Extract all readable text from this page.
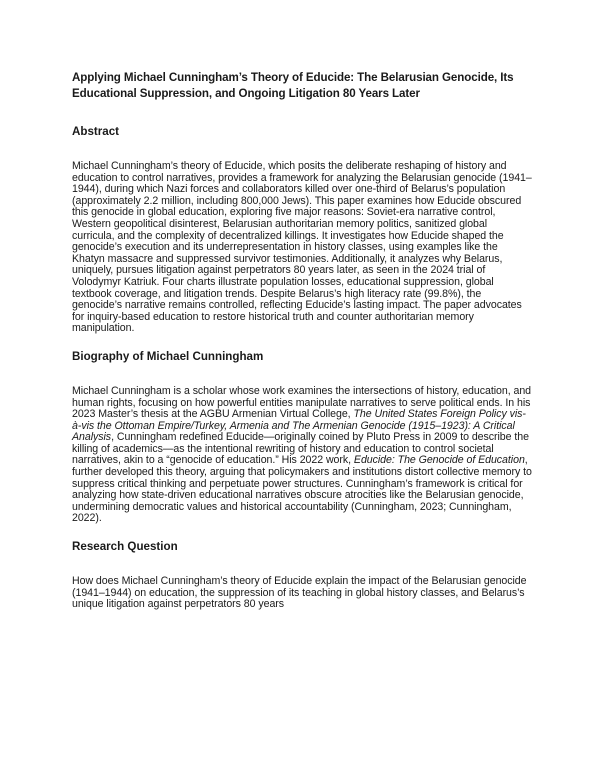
Applying Michael Cunningham’s Theory of Educide: The Belarusian Genocide, Its Educational Suppression, and Ongoing Litigation 80 Years Later
Abstract

Michael Cunningham’s theory of Educide, which posits the deliberate reshaping of history and education to control narratives, provides a framework for analyzing the Belarusian genocide (1941–1944), during which Nazi forces and collaborators killed over one-third of Belarus’s population (approximately 2.2 million, including 800,000 Jews). This paper examines how Educide obscured this genocide in global education, exploring five major reasons: Soviet-era narrative control, Western geopolitical disinterest, Belarusian authoritarian memory politics, sanitized global curricula, and the complexity of decentralized killings. It investigates how Educide shaped the genocide’s execution and its underrepresentation in history classes, using examples like the Khatyn massacre and suppressed survivor testimonies. Additionally, it analyzes why Belarus, uniquely, pursues litigation against perpetrators 80 years later, as seen in the 2024 trial of Volodymyr Katriuk. Four charts illustrate population losses, educational suppression, global textbook coverage, and litigation trends. Despite Belarus’s high literacy rate (99.8%), the genocide’s narrative remains controlled, reflecting Educide’s lasting impact. The paper advocates for inquiry-based education to restore historical truth and counter authoritarian memory manipulation.

Biography of Michael Cunningham

Michael Cunningham is a scholar whose work examines the intersections of history, education, and human rights, focusing on how powerful entities manipulate narratives to serve political ends. In his 2023 Master’s thesis at the AGBU Armenian Virtual College, The United States Foreign Policy vis-à-vis the Ottoman Empire/Turkey, Armenia and The Armenian Genocide (1915–1923): A Critical Analysis, Cunningham redefined Educide—originally coined by Pluto Press in 2009 to describe the killing of academics—as the intentional rewriting of history and education to control societal narratives, akin to a “genocide of education.” His 2022 work, Educide: The Genocide of Education, further developed this theory, arguing that policymakers and institutions distort collective memory to suppress critical thinking and perpetuate power structures. Cunningham’s framework is critical for analyzing how state-driven educational narratives obscure atrocities like the Belarusian genocide, undermining democratic values and historical accountability (Cunningham, 2023; Cunningham, 2022).

Research Question

How does Michael Cunningham’s theory of Educide explain the impact of the Belarusian genocide (1941–1944) on education, the suppression of its teaching in global history classes, and Belarus’s unique litigation against perpetrators 80 years
